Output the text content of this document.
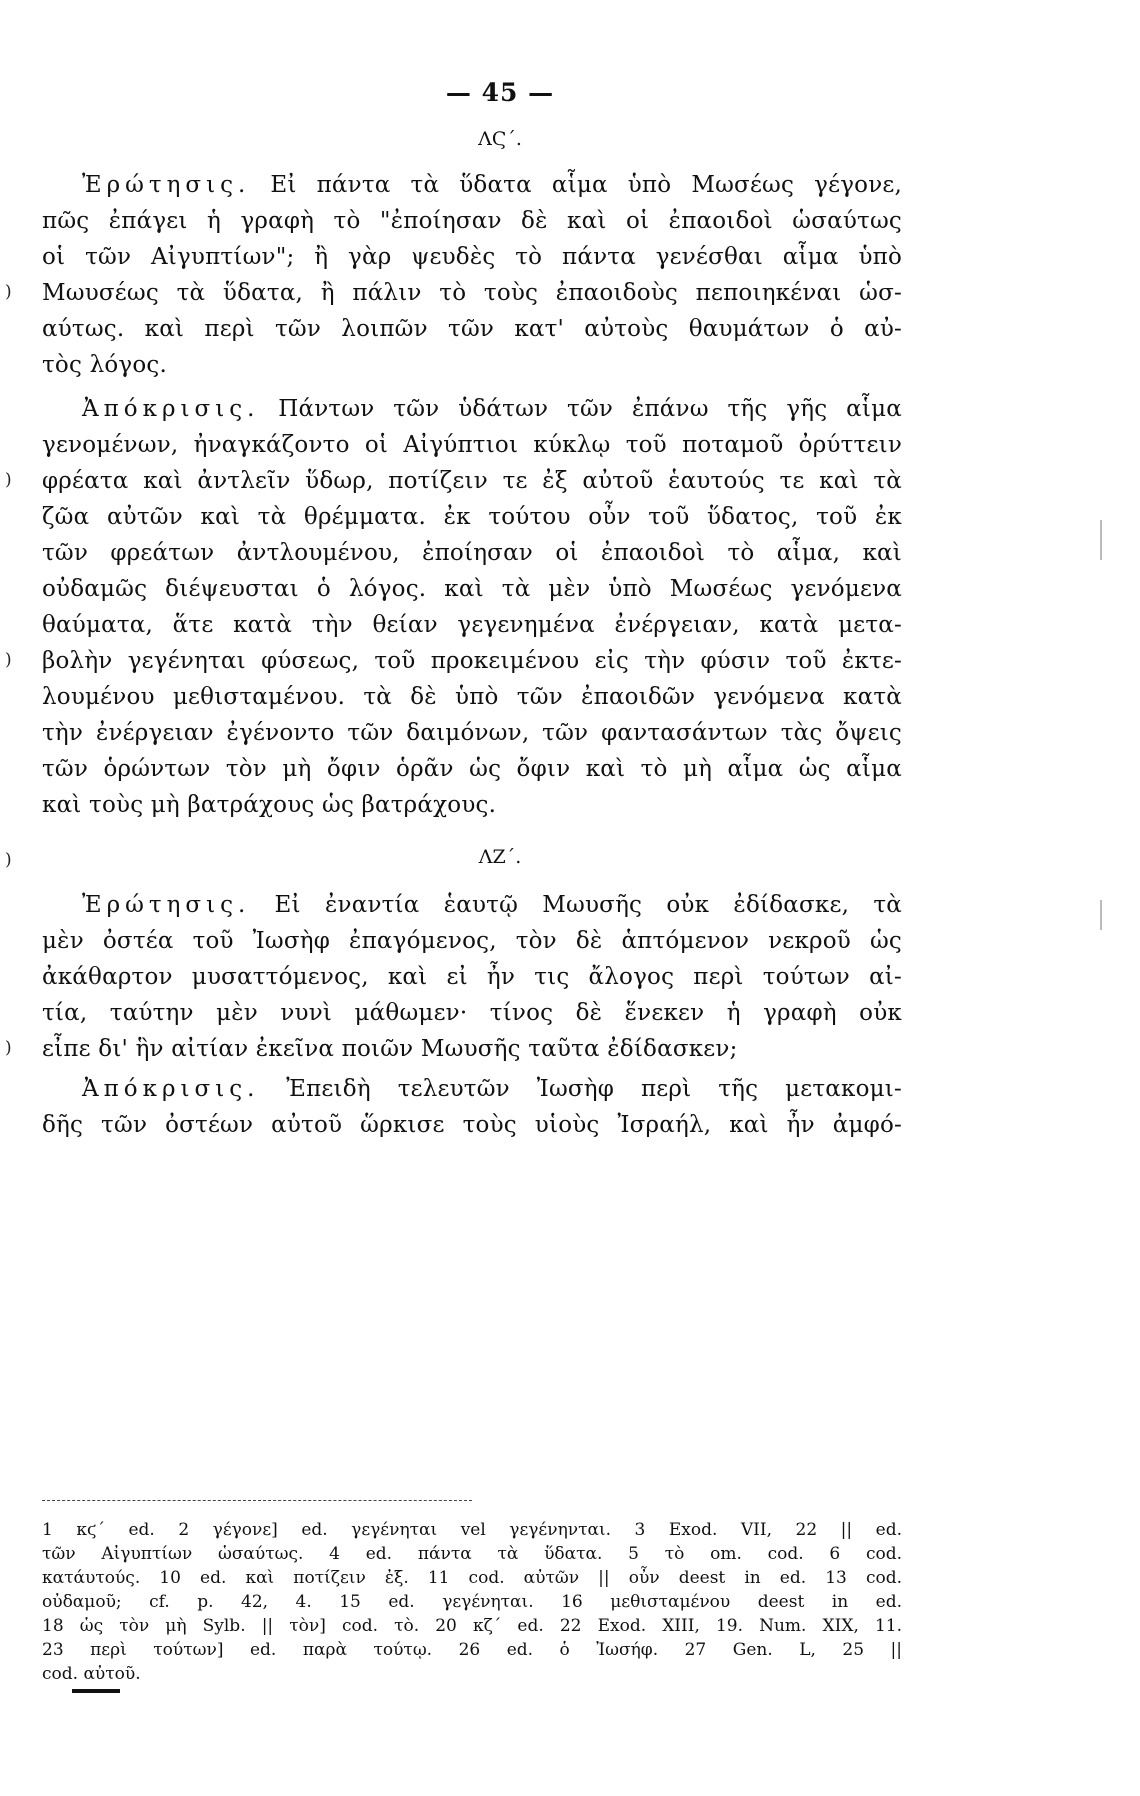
— 45 —
ΛϚ΄.
Ἐρώτησις. Εἰ πάντα τὰ ὕδατα αἷμα ὑπὸ Μωσέως γέγονε,
πῶς ἐπάγει ἡ γραφὴ τὸ "ἐποίησαν δὲ καὶ οἱ ἐπαοιδοὶ ὡσαύτως
οἱ τῶν Αἰγυπτίων"; ἢ γὰρ ψευδὲς τὸ πάντα γενέσθαι αἷμα ὑπὸ
Μωυσέως τὰ ὕδατα, ἢ πάλιν τὸ τοὺς ἐπαοιδοὺς πεποιηκέναι ὡσ-
αύτως. καὶ περὶ τῶν λοιπῶν τῶν κατ' αὐτοὺς θαυμάτων ὁ αὐ-
τὸς λόγος.
Ἀπόκρισις. Πάντων τῶν ὑδάτων τῶν ἐπάνω τῆς γῆς αἷμα
γενομένων, ἠναγκάζοντο οἱ Αἰγύπτιοι κύκλῳ τοῦ ποταμοῦ ὀρύττειν
φρέατα καὶ ἀντλεῖν ὕδωρ, ποτίζειν τε ἐξ αὐτοῦ ἑαυτούς τε καὶ τὰ
ζῶα αὐτῶν καὶ τὰ θρέμματα. ἐκ τούτου οὖν τοῦ ὕδατος, τοῦ ἐκ
τῶν φρεάτων ἀντλουμένου, ἐποίησαν οἱ ἐπαοιδοὶ τὸ αἷμα, καὶ
οὐδαμῶς διέψευσται ὁ λόγος. καὶ τὰ μὲν ὑπὸ Μωσέως γενόμενα
θαύματα, ἅτε κατὰ τὴν θείαν γεγενημένα ἐνέργειαν, κατὰ μετα-
βολὴν γεγένηται φύσεως, τοῦ προκειμένου εἰς τὴν φύσιν τοῦ ἐκτε-
λουμένου μεθισταμένου. τὰ δὲ ὑπὸ τῶν ἐπαοιδῶν γενόμενα κατὰ
τὴν ἐνέργειαν ἐγένοντο τῶν δαιμόνων, τῶν φαντασάντων τὰς ὄψεις
τῶν ὁρώντων τὸν μὴ ὄφιν ὁρᾶν ὡς ὄφιν καὶ τὸ μὴ αἷμα ὡς αἷμα
καὶ τοὺς μὴ βατράχους ὡς βατράχους.
ΛΖ΄.
Ἐρώτησις. Εἰ ἐναντία ἑαυτῷ Μωυσῆς οὐκ ἐδίδασκε, τὰ
μὲν ὀστέα τοῦ Ἰωσὴφ ἐπαγόμενος, τὸν δὲ ἁπτόμενον νεκροῦ ὡς
ἀκάθαρτον μυσαττόμενος, καὶ εἰ ἦν τις ἄλογος περὶ τούτων αἰ-
τία, ταύτην μὲν νυνὶ μάθωμεν· τίνος δὲ ἕνεκεν ἡ γραφὴ οὐκ
εἶπε δι' ἣν αἰτίαν ἐκεῖνα ποιῶν Μωυσῆς ταῦτα ἐδίδασκεν;
Ἀπόκρισις. Ἐπειδὴ τελευτῶν Ἰωσὴφ περὶ τῆς μετακομι-
δῆς τῶν ὀστέων αὐτοῦ ὥρκισε τοὺς υἱοὺς Ἰσραήλ, καὶ ἦν ἀμφό-
)
)
)
)
)
1 κϛ΄ ed. 2 γέγονε] ed. γεγένηται vel γεγένηνται. 3 Exod. VII, 22 || ed.
τῶν Αἰγυπτίων ὡσαύτως. 4 ed. πάντα τὰ ὕδατα. 5 τὸ om. cod. 6 cod.
κατάυτούς. 10 ed. καὶ ποτίζειν ἐξ. 11 cod. αὐτῶν || οὖν deest in ed. 13 cod.
οὐδαμοῦ; cf. p. 42, 4. 15 ed. γεγένηται. 16 μεθισταμένου deest in ed.
18 ὡς τὸν μὴ Sylb. || τὸν] cod. τὸ. 20 κζ΄ ed. 22 Exod. XIII, 19. Num. XIX, 11.
23 περὶ τούτων] ed. παρὰ τούτῳ. 26 ed. ὁ Ἰωσήφ. 27 Gen. L, 25 ||
cod. αὐτοῦ.
